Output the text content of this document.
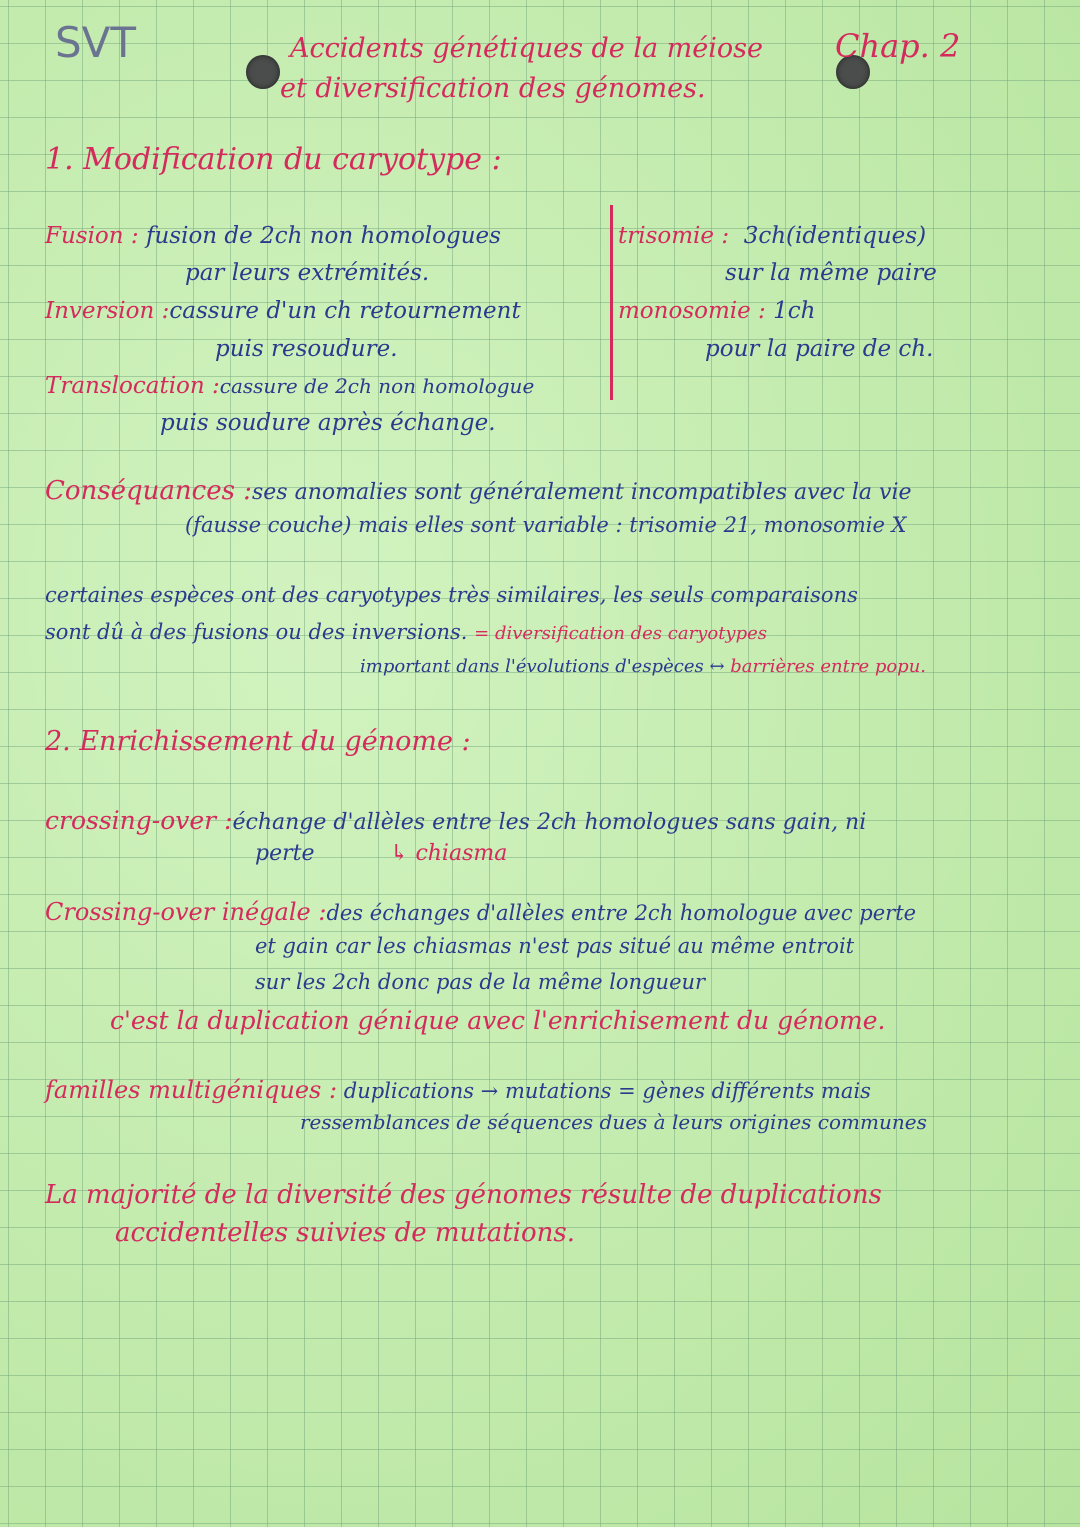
SVT	Accidents génétiques de la méiose
et diversification des génomes.
Chap. 2
1. Modification du caryotype :
Fusion : fusion de 2ch non homologues
par leurs extrémités.
Inversion :cassure d'un ch retournement
puis resoudure.
Translocation :cassure de 2ch non homologue
puis soudure après échange.
trisomie : 3ch(identiques)
sur la même paire
monosomie : 1ch
pour la paire de ch.
Conséquances :ses anomalies sont généralement incompatibles avec la vie
(fausse couche) mais elles sont variable : trisomie 21, monosomie X
certaines espèces ont des caryotypes très similaires, les seuls comparaisons
sont dû à des fusions ou des inversions. = diversification des caryotypes
important dans l'évolutions d'espèces ↔ barrières entre popu.
2. Enrichissement du génome :
crossing-over :échange d'allèles entre les 2ch homologues sans gain, ni
perte	↳ chiasma
Crossing-over inégale :des échanges d'allèles entre 2ch homologue avec perte
et gain car les chiasmas n'est pas situé au même entroit
sur les 2ch donc pas de la même longueur
c'est la duplication génique avec l'enrichisement du génome.
familles multigéniques : duplications → mutations = gènes différents mais
ressemblances de séquences dues à leurs origines communes
La majorité de la diversité des génomes résulte de duplications
accidentelles suivies de mutations.
